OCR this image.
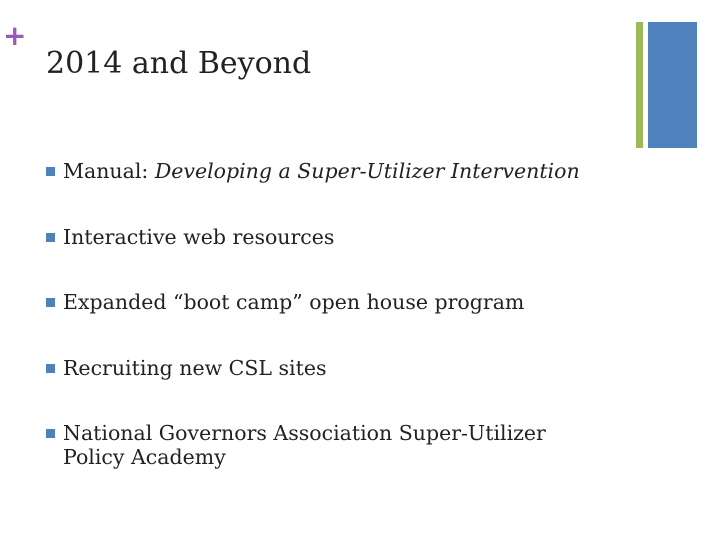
+
2014 and Beyond
Manual: Developing a Super-Utilizer Intervention
Interactive web resources
Expanded “boot camp” open house program
Recruiting new CSL sites
National Governors Association Super-Utilizer
Policy Academy
